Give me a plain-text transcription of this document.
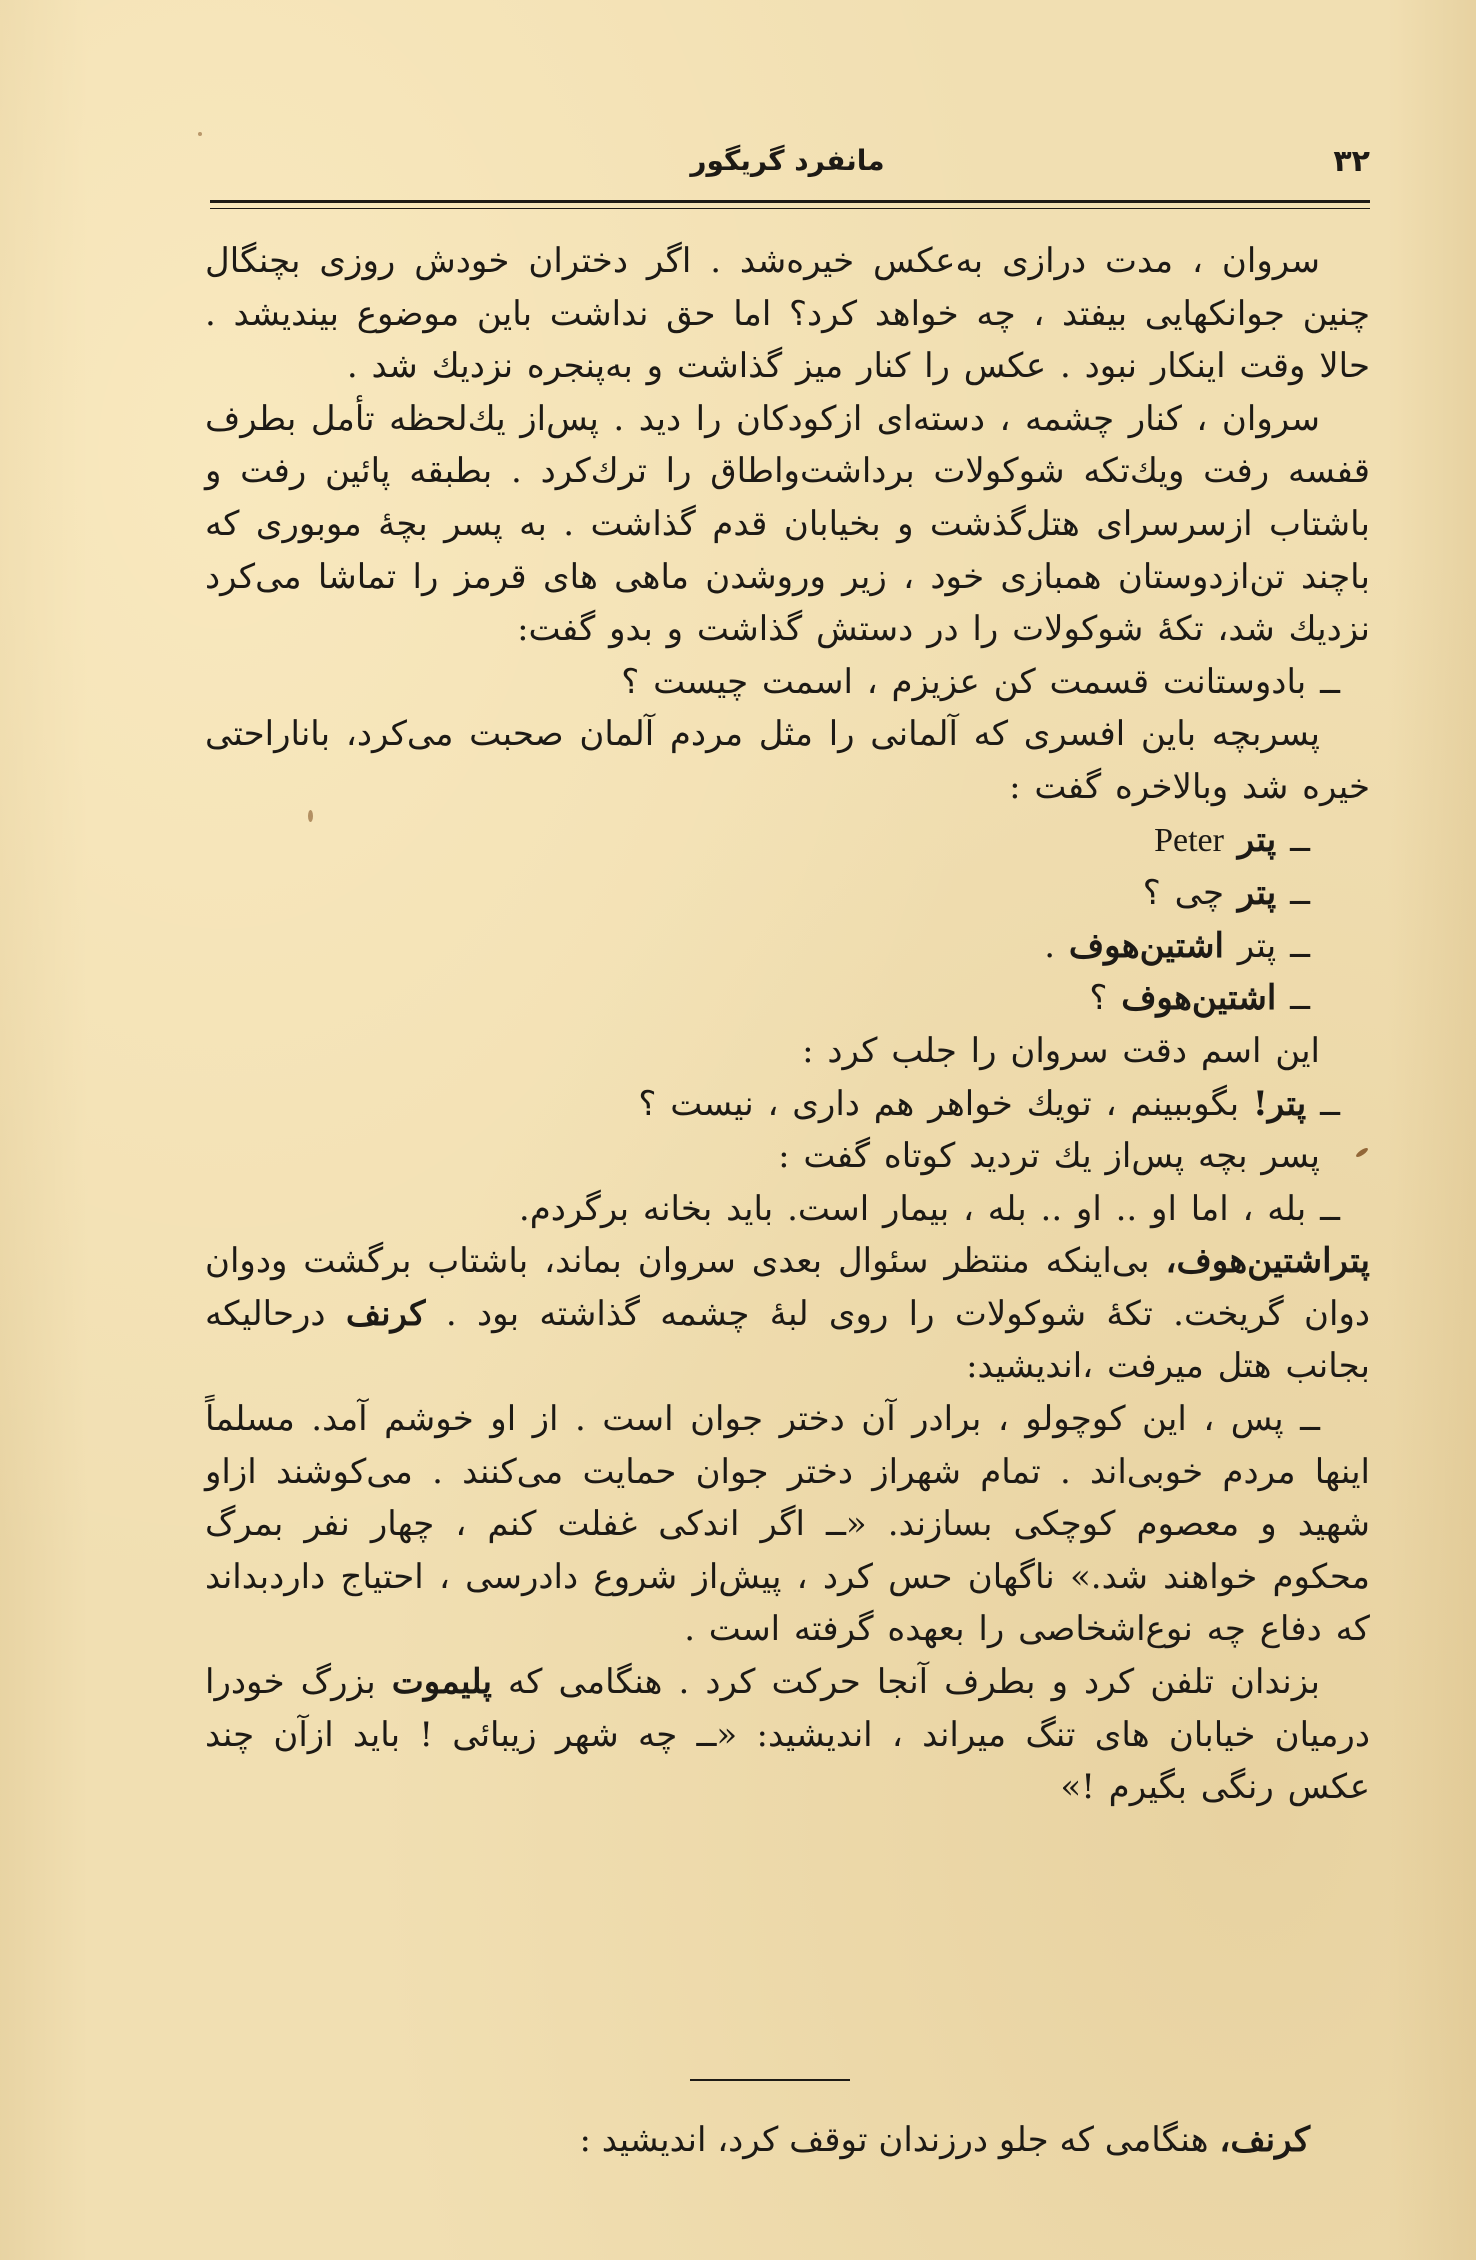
۳۲
مانفرد گریگور

سروان ، مدت درازی به‌عکس خیره‌شد . اگر دختران خودش روزی بچنگال چنین جوانکهایی بیفتد ، چه خواهد کرد؟ اما حق نداشت باین موضوع بیندیشد . حالا وقت اینکار نبود . عکس را کنار میز گذاشت و به‌پنجره نزدیك شد .

سروان ، کنار چشمه ، دسته‌ای ازکودکان را دید . پس‌از یك‌لحظه تأمل بطرف قفسه رفت ویك‌تکه شوکولات برداشت‌واطاق را ترك‌کرد . بطبقه پائین رفت و باشتاب ازسرسرای هتل‌گذشت و بخیابان قدم گذاشت . به پسر بچهٔ موبوری که باچند تن‌ازدوستان همبازی خود ، زیر وروشدن ماهی های قرمز را تماشا می‌کرد نزدیك شد، تکهٔ شوکولات را در دستش گذاشت و بدو گفت:

ــ بادوستانت قسمت کن عزیزم ، اسمت چیست ؟

پسربچه باین افسری که آلمانی را مثل مردم آلمان صحبت می‌کرد، باناراحتی خیره شد وبالاخره گفت :

ــ پتر Peter

ــ پتر چی ؟

ــ پتر اشتین‌هوف .

ــ اشتین‌هوف ؟

این اسم دقت سروان را جلب کرد :

ــ پتر! بگوببینم ، تویك خواهر هم داری ، نیست ؟

پسر بچه پس‌از یك تردید کوتاه گفت :

ــ بله ، اما او .. او .. بله ، بیمار است. باید بخانه برگردم.

پتراشتین‌هوف، بی‌اینکه منتظر سئوال بعدی سروان بماند، باشتاب برگشت ودوان دوان گریخت. تکهٔ شوکولات را روی لبهٔ چشمه گذاشته بود . کرنف درحالیکه بجانب هتل میرفت ،اندیشید:

ــ پس ، این کوچولو ، برادر آن دختر جوان است . از او خوشم آمد. مسلماً اینها مردم خوبی‌اند . تمام شهراز دختر جوان حمایت می‌کنند . می‌کوشند ازاو شهید و معصوم کوچکی بسازند. «ــ اگر اندکی غفلت کنم ، چهار نفر بمرگ محکوم خواهند شد.» ناگهان حس کرد ، پیش‌از شروع دادرسی ، احتیاج داردبداند که دفاع چه نوع‌اشخاصی را بعهده گرفته است .

بزندان تلفن کرد و بطرف آنجا حرکت کرد . هنگامی که پلیموت بزرگ خودرا درمیان خیابان های تنگ میراند ، اندیشید: «ــ چه شهر زیبائی ! باید ازآن چند عکس رنگی بگیرم !»

کرنف، هنگامی که جلو درزندان توقف کرد، اندیشید :
